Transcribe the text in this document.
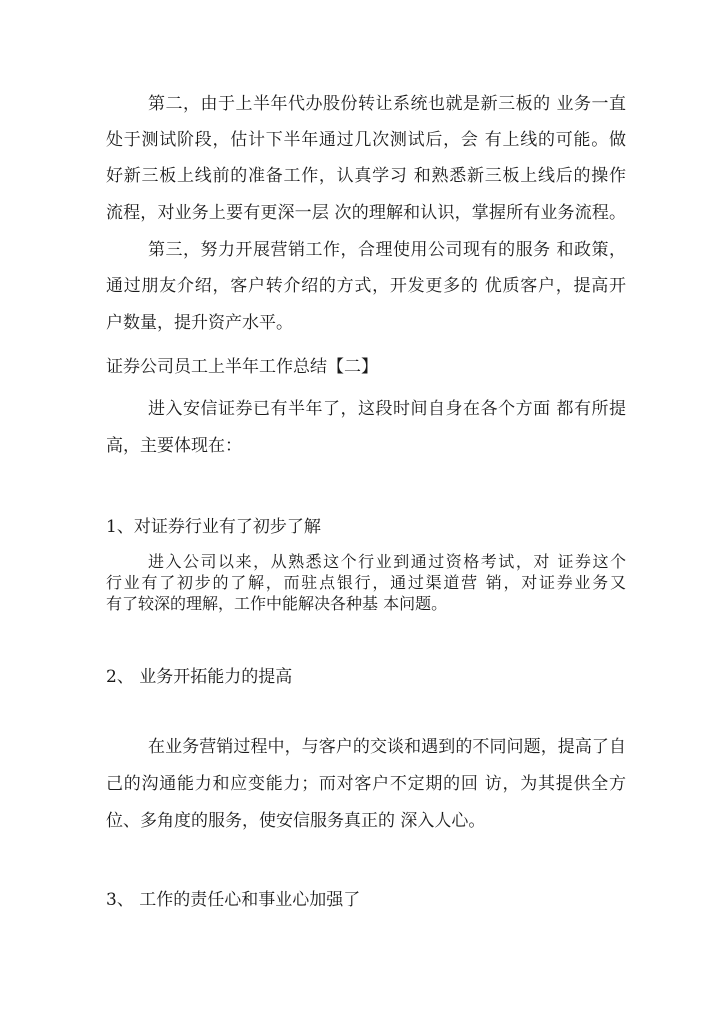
第二，由于上半年代办股份转让系统也就是新三板的 业务一直
处于测试阶段，估计下半年通过几次测试后，会 有上线的可能。做
好新三板上线前的准备工作，认真学习 和熟悉新三板上线后的操作
流程，对业务上要有更深一层 次的理解和认识，掌握所有业务流程。
第三，努力开展营销工作，合理使用公司现有的服务 和政策，
通过朋友介绍，客户转介绍的方式，开发更多的 优质客户，提高开
户数量，提升资产水平。
证券公司员工上半年工作总结【二】
进入安信证券已有半年了，这段时间自身在各个方面 都有所提
高，主要体现在：
1、对证券行业有了初步了解
进入公司以来，从熟悉这个行业到通过资格考试，对 证券这个
行业有了初步的了解，而驻点银行，通过渠道营 销，对证券业务又
有了较深的理解，工作中能解决各种基 本问题。
2、 业务开拓能力的提高
在业务营销过程中，与客户的交谈和遇到的不同问题，提高了自
己的沟通能力和应变能力；而对客户不定期的回 访，为其提供全方
位、多角度的服务，使安信服务真正的 深入人心。
3、 工作的责任心和事业心加强了
